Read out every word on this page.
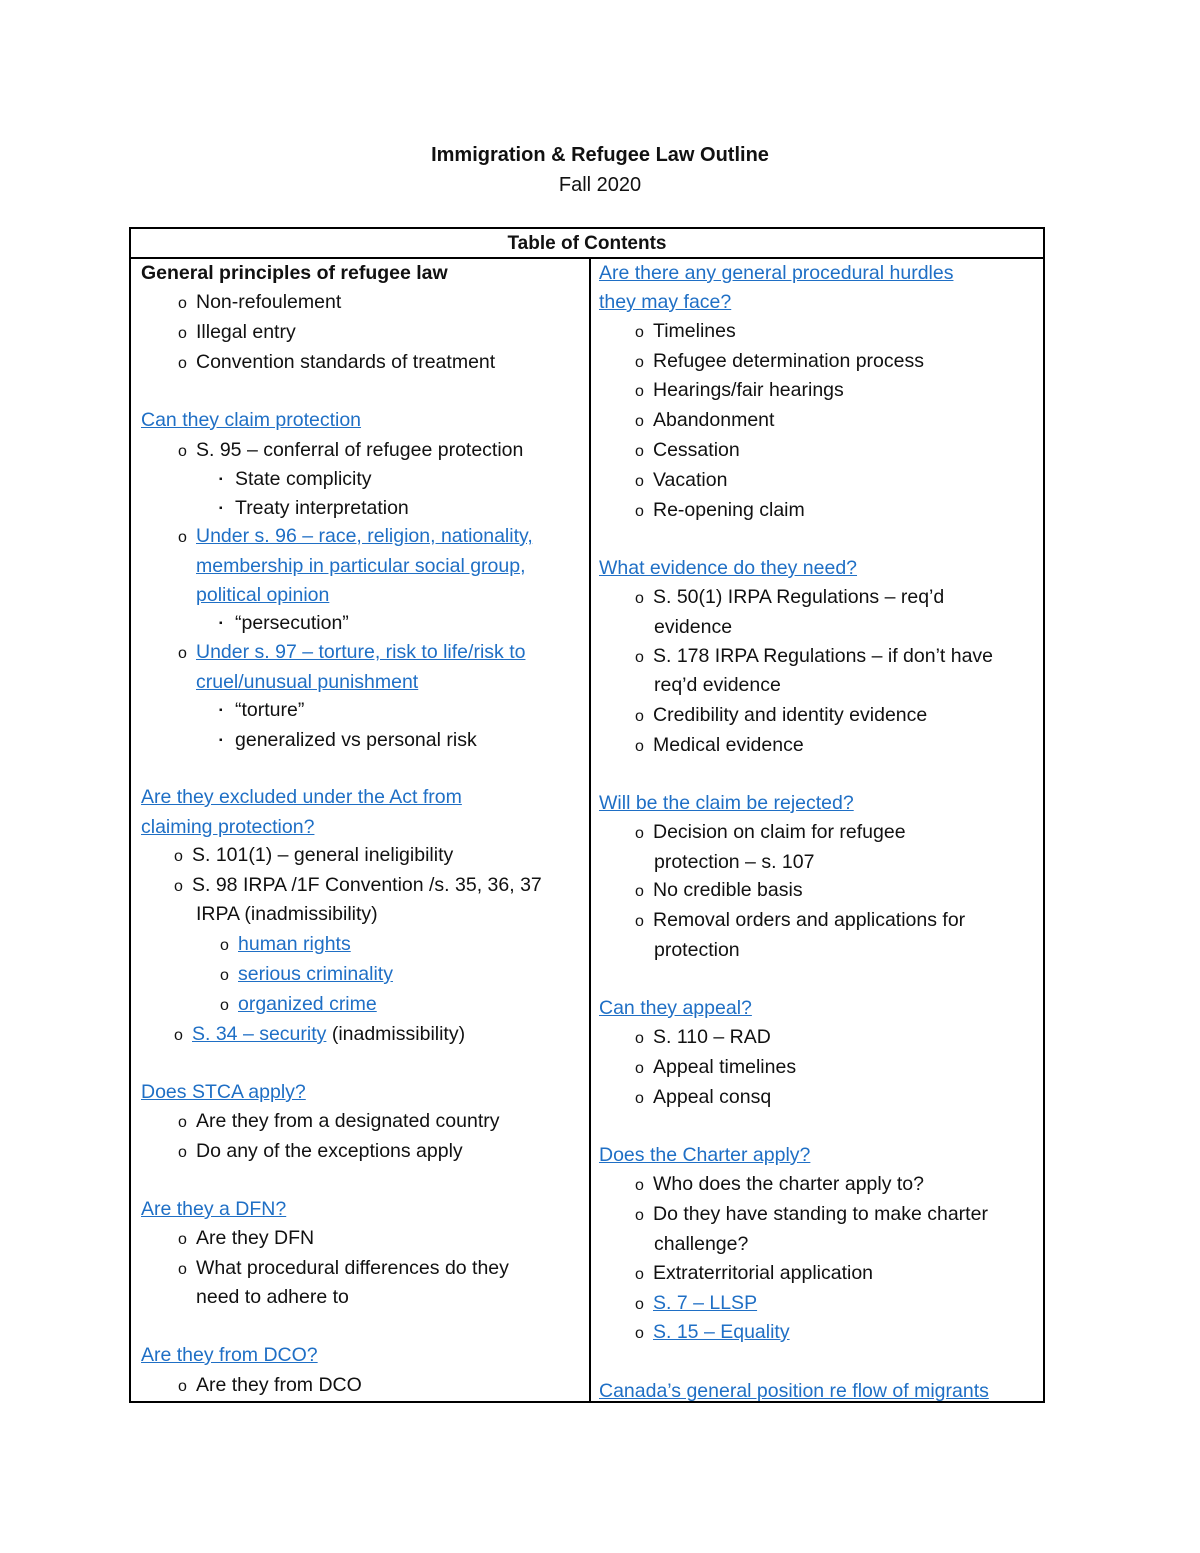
Immigration & Refugee Law Outline
Fall 2020
Table of Contents
General principles of refugee law
o Non-refoulement
o Illegal entry
o Convention standards of treatment
Can they claim protection
o S. 95 – conferral of refugee protection
▪ State complicity
▪ Treaty interpretation
o Under s. 96 – race, religion, nationality,
membership in particular social group,
political opinion
▪ “persecution”
o Under s. 97 – torture, risk to life/risk to
cruel/unusual punishment
▪ “torture”
▪ generalized vs personal risk
Are they excluded under the Act from
claiming protection?
o S. 101(1) – general ineligibility
o S. 98 IRPA /1F Convention /s. 35, 36, 37
IRPA (inadmissibility)
o human rights
o serious criminality
o organized crime
o S. 34 – security (inadmissibility)
Does STCA apply?
o Are they from a designated country
o Do any of the exceptions apply
Are they a DFN?
o Are they DFN
o What procedural differences do they
need to adhere to
Are they from DCO?
o Are they from DCO
Are there any general procedural hurdles
they may face?
o Timelines
o Refugee determination process
o Hearings/fair hearings
o Abandonment
o Cessation
o Vacation
o Re-opening claim
What evidence do they need?
o S. 50(1) IRPA Regulations – req’d
evidence
o S. 178 IRPA Regulations – if don’t have
req’d evidence
o Credibility and identity evidence
o Medical evidence
Will be the claim be rejected?
o Decision on claim for refugee
protection – s. 107
o No credible basis
o Removal orders and applications for
protection
Can they appeal?
o S. 110 – RAD
o Appeal timelines
o Appeal consq
Does the Charter apply?
o Who does the charter apply to?
o Do they have standing to make charter
challenge?
o Extraterritorial application
o S. 7 – LLSP
o S. 15 – Equality
Canada’s general position re flow of migrants
